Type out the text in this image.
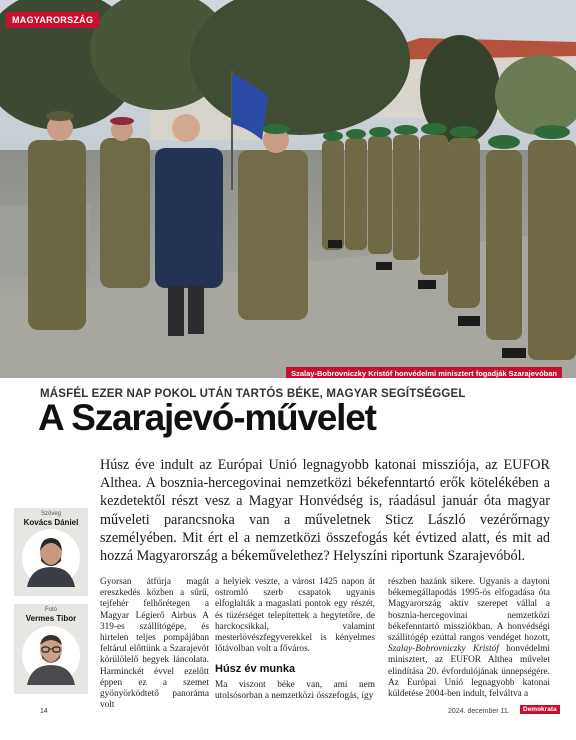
MAGYARORSZÁG
Szalay-Bobrovniczky Kristóf honvédelmi minisztert fogadják Szarajevóban
MÁSFÉL EZER NAP POKOL UTÁN TARTÓS BÉKE, MAGYAR SEGÍTSÉGGEL
A Szarajevó-művelet
Húsz éve indult az Európai Unió legnagyobb katonai missziója, az EUFOR Althea. A bosznia-hercegovinai nemzetközi békefenntartó erők kötelékében a kezdetektől részt vesz a Magyar Honvédség is, ráadásul január óta magyar műveleti parancsnoka van a műveletnek Sticz László vezérőrnagy személyében. Mit ért el a nemzetközi összefogás két évtized alatt, és mit ad hozzá Magyarország a békeművelethez? Helyszíni riportunk Szarajevóból.
Szöveg
Kovács Dániel
Fotó
Vermes Tibor

Gyorsan átfúrja magát ereszkedés közben a sűrű, tejfehér felhőrétegen a Magyar Légierő Airbus A 319-es szállítógépe, és hirtelen teljes pompájában feltárul előttünk a Szarajevót körülölelő hegyek láncolata. Harminckét évvel ezelőtt éppen ez a szemet gyönyörködtető panoráma volt

a helyiek veszte, a várost 1425 napon át ostromló szerb csapatok ugyanis elfoglalták a magaslati pontok egy részét, és tüzérséget telepítettek a hegytetőre, de harckocsikkal, valamint mesterlövészfegyverekkel is kényelmes lőtávolban volt a főváros.

Húsz év munka

Ma viszont béke van, ami nem utolsósorban a nemzetközi összefogás, így

részben hazánk sikere. Ugyanis a daytoni békemegállapodás 1995-ös elfogadása óta Magyarország aktív szerepet vállal a bosznia-hercegovinai nemzetközi békefenntartó missziókban. A honvédségi szállítógép ezúttal rangos vendéget hozott, Szalay-Bobrovniczky Kristóf honvédelmi minisztert, az EUFOR Althea művelet elindítása 20. évfordulójának ünnepségére. Az Európai Unió legnagyobb katonai küldetése 2004-ben indult, felváltva a

14	2024. december 11.	Demokrata
